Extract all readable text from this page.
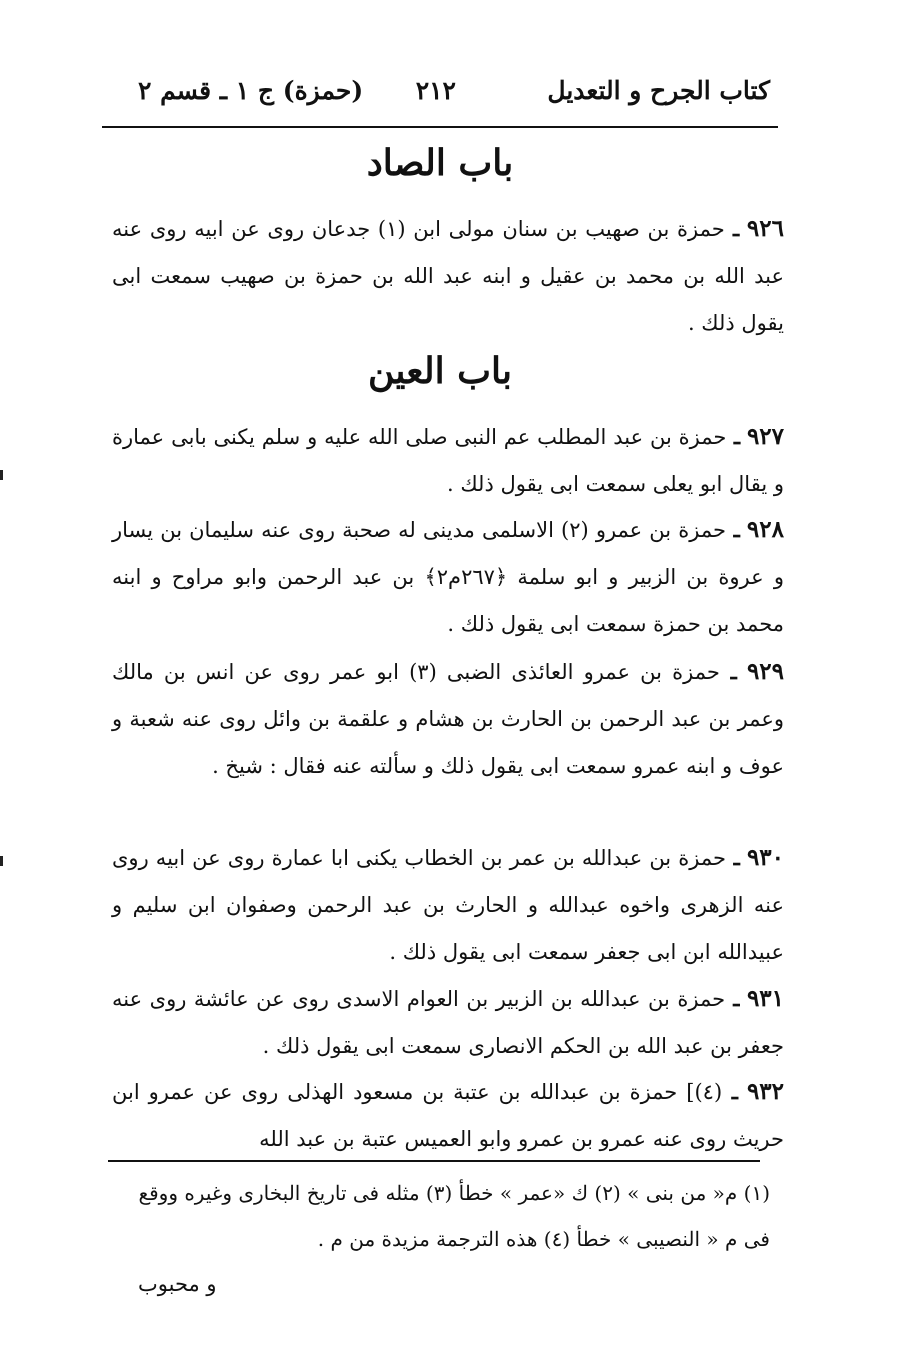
كتاب الجرح و التعديل
٢١٢
(حمزة) ج ١ ـ قسم ٢
باب الصاد
٩٢٦ ـ حمزة بن صهيب بن سنان مولى ابن (١) جدعان روى عن ابيه روى عنه عبد الله بن محمد بن عقيل و ابنه عبد الله بن حمزة بن صهيب سمعت ابى يقول ذلك .
باب العين
٩٢٧ ـ حمزة بن عبد المطلب عم النبى صلى الله عليه و سلم يكنى بابى عمارة و يقال ابو يعلى سمعت ابى يقول ذلك .
٩٢٨ ـ حمزة بن عمرو (٢) الاسلمى مدينى له صحبة روى عنه سليمان بن يسار و عروة بن الزبير و ابو سلمة ﴿٢٦٧م٢﴾ بن عبد الرحمن وابو مراوح و ابنه محمد بن حمزة سمعت ابى يقول ذلك .
٩٢٩ ـ حمزة بن عمرو العائذى الضبى (٣) ابو عمر روى عن انس بن مالك وعمر بن عبد الرحمن بن الحارث بن هشام و علقمة بن وائل روى عنه شعبة و عوف و ابنه عمرو سمعت ابى يقول ذلك و سألته عنه فقال : شيخ .
٩٣٠ ـ حمزة بن عبدالله بن عمر بن الخطاب يكنى ابا عمارة روى عن ابيه روى عنه الزهرى واخوه عبدالله و الحارث بن عبد الرحمن وصفوان ابن سليم و عبيدالله ابن ابى جعفر سمعت ابى يقول ذلك .
٩٣١ ـ حمزة بن عبدالله بن الزبير بن العوام الاسدى روى عن عائشة روى عنه جعفر بن عبد الله بن الحكم الانصارى سمعت ابى يقول ذلك .
٩٣٢ ـ (٤)] حمزة بن عبدالله بن عتبة بن مسعود الهذلى روى عن عمرو ابن حريث روى عنه عمرو بن عمرو وابو العميس عتبة بن عبد الله
(١) م« من بنى » (٢) ك «عمر » خطأ (٣) مثله فى تاريخ البخارى وغيره ووقع
فى م « النصيبى » خطأ (٤) هذه الترجمة مزيدة من م .
و محبوب
